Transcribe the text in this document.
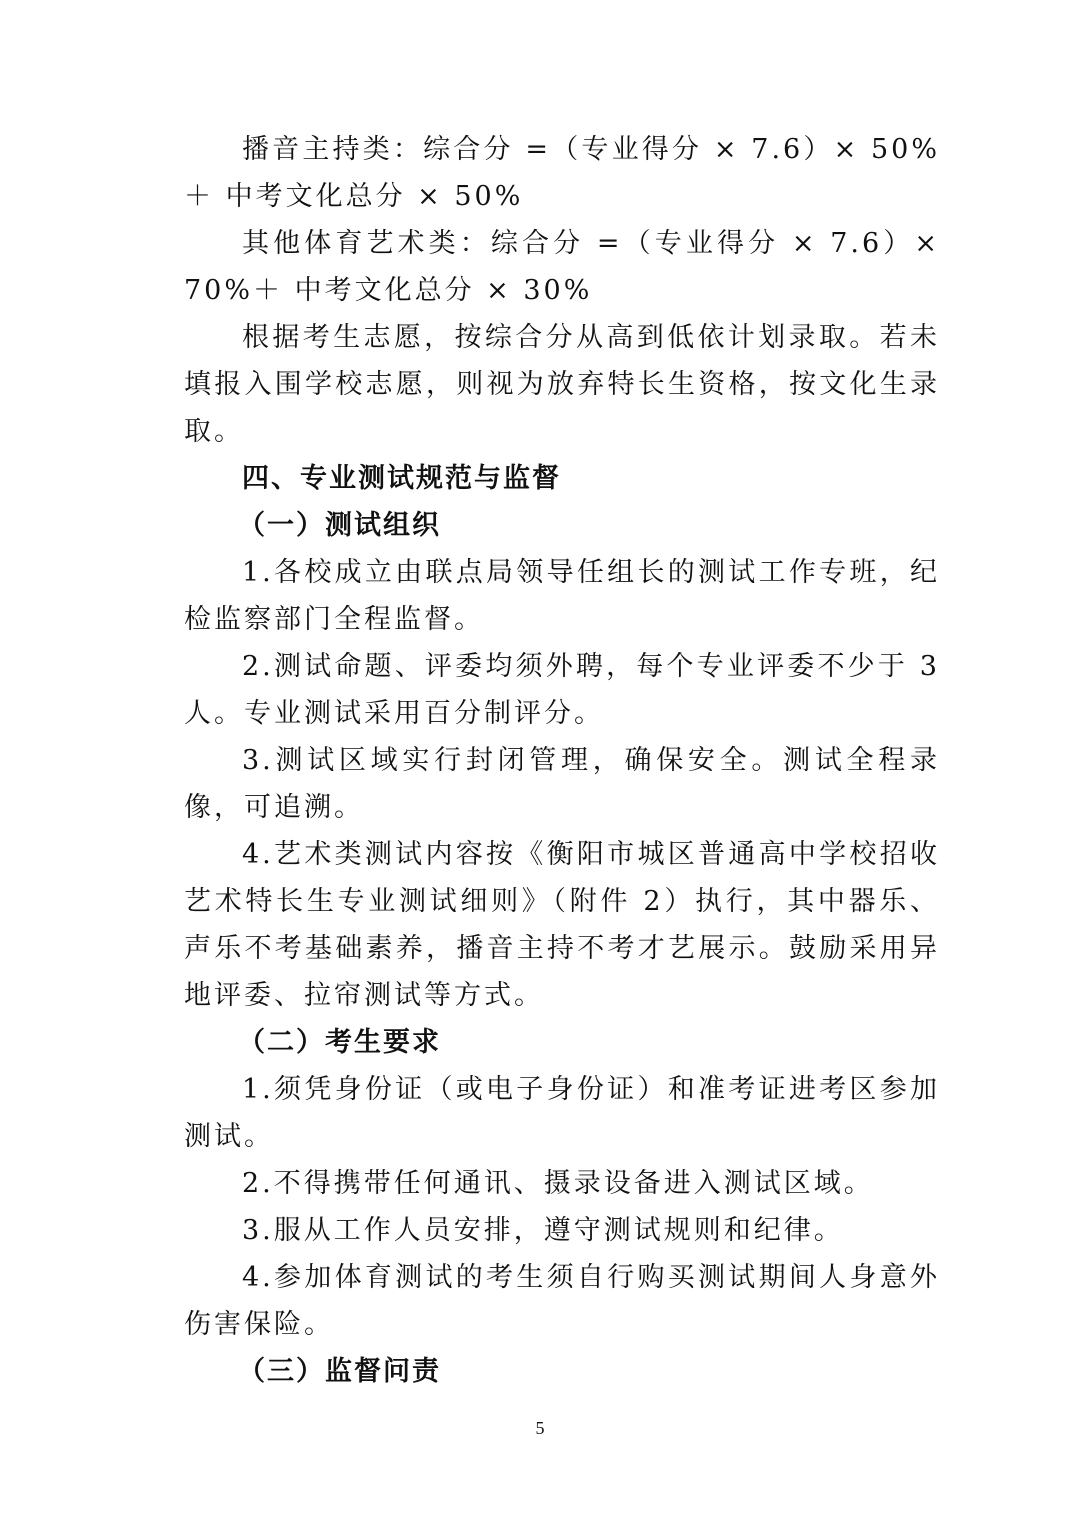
播音主持类：综合分 =（专业得分 × 7.6）× 50%＋ 中考文化总分 × 50%

其他体育艺术类：综合分 =（专业得分 × 7.6）× 70%＋ 中考文化总分 × 30%

根据考生志愿，按综合分从高到低依计划录取。若未填报入围学校志愿，则视为放弃特长生资格，按文化生录取。

四、专业测试规范与监督

（一）测试组织

1.各校成立由联点局领导任组长的测试工作专班，纪检监察部门全程监督。

2.测试命题、评委均须外聘，每个专业评委不少于 3 人。专业测试采用百分制评分。

3.测试区域实行封闭管理，确保安全。测试全程录像，可追溯。

4.艺术类测试内容按《衡阳市城区普通高中学校招收艺术特长生专业测试细则》（附件 2）执行，其中器乐、声乐不考基础素养，播音主持不考才艺展示。鼓励采用异地评委、拉帘测试等方式。

（二）考生要求

1.须凭身份证（或电子身份证）和准考证进考区参加测试。

2.不得携带任何通讯、摄录设备进入测试区域。

3.服从工作人员安排，遵守测试规则和纪律。

4.参加体育测试的考生须自行购买测试期间人身意外伤害保险。

（三）监督问责

5
